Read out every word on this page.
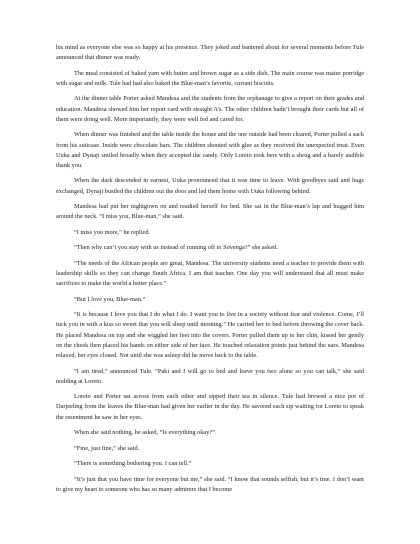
his mind as everyone else was so happy at his presence. They joked and bantered about for several moments before Tule announced that dinner was ready.

The meal consisted of baked yam with butter and brown sugar as a side dish. The main course was maize porridge with sugar and milk. Tule had had also baked the Blue-man’s favorite, currant biscuits.

At the dinner table Porter asked Mandesa and the students from the orphanage to give a report on their grades and education. Mandesa showed him her report card with straight A’s. The other children hadn’t brought their cards but all of them were doing well. More importantly, they were well fed and cared for.

When dinner was finished and the table inside the house and the one outside had been cleared, Porter pulled a sack from his suitcase. Inside were chocolate bars. The children shouted with glee as they received the unexpected treat. Even Uuka and Dynaji smiled broadly when they accepted the candy. Only Loreto took hers with a shrug and a barely audible thank you.

When the dark descended in earnest, Uuka pronounced that it was time to leave. With goodbyes said and hugs exchanged, Dynaji bustled the children out the door and led them home with Uuka following behind.

Mandesa had put her nightgown on and readied herself for bed. She sat in the Blue-man’s lap and hugged him around the neck. “I miss you, Blue-man,” she said.

“I miss you more,” he replied.

“Then why can’t you stay with us instead of running off to Sovenga?” she asked.

“The needs of the African people are great, Mandesa. The university students need a teacher to provide them with leadership skills so they can change South Africa. I am that teacher. One day you will understand that all must make sacrifices to make the world a better place.”

“But I love you, Blue-man.”

“It is because I love you that I do what I do. I want you to live in a society without fear and violence. Come, I’ll tuck you in with a kiss so sweet that you will sleep until morning.” He carried her to bed before throwing the cover back. He placed Mandesa on top and she wiggled her feet into the covers. Porter pulled them up to her chin, kissed her gently on the cheek then placed his hands on either side of her face. He touched relaxation points just behind the ears. Mandesa relaxed, her eyes closed. Not until she was asleep did he move back to the table.

“I am tired,” announced Tule. “Paki and I will go to bed and leave you two alone so you can talk,” she said nodding at Loreto.

Loreto and Porter sat across from each other and sipped their tea in silence. Tule had brewed a nice pot of Darjeeling from the leaves the Blue-man had given her earlier in the day. He savored each sip waiting for Loreto to speak the resentment he saw in her eyes.

When she said nothing, he asked, “Is everything okay?”

“Fine, just fine,” she said.

“There is something bothering you. I can tell.”

“It’s just that you have time for everyone but me,” she said. “I know that sounds selfish, but it’s true. I don’t want to give my heart to someone who has so many admirers that I become
